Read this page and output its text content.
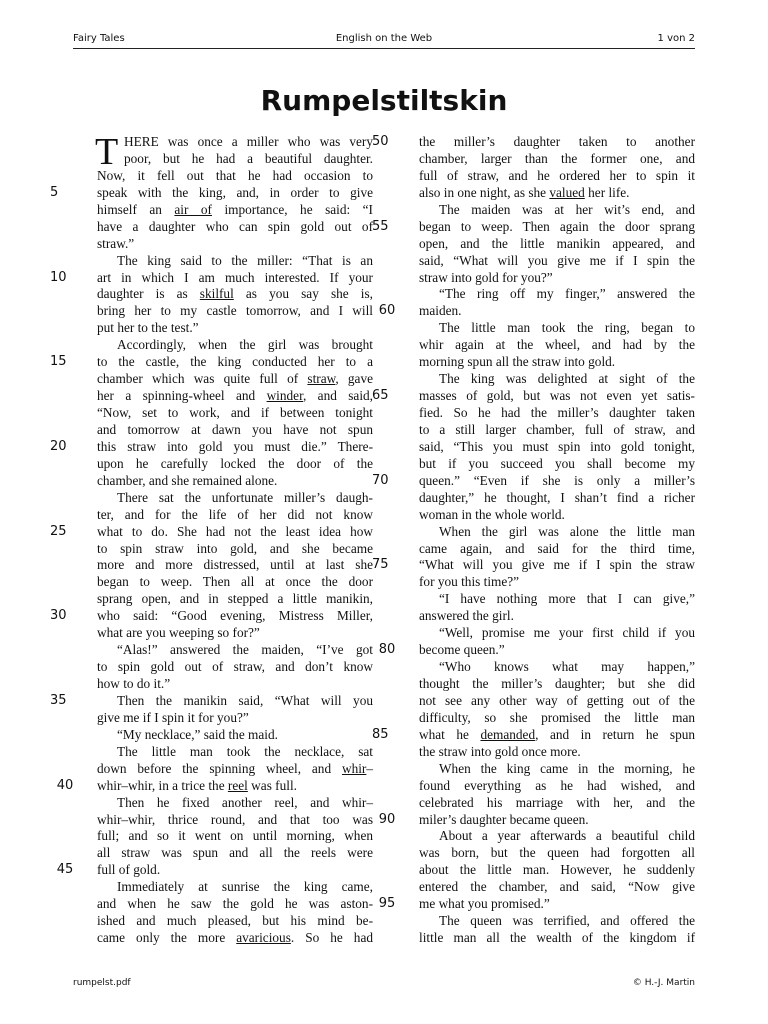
Fairy Tales	English on the Web	1 von 2
Rumpelstiltskin
T HERE was once a miller who was very
poor, but he had a beautiful daughter.
Now, it fell out that he had occasion to
5	speak with the king, and, in order to give
himself an air of importance, he said: “I
have a daughter who can spin gold out of
straw.”
The king said to the miller: “That is an
10	art in which I am much interested. If your
daughter is as skilful as you say she is,
bring her to my castle tomorrow, and I will
put her to the test.”
Accordingly, when the girl was brought
15	to the castle, the king conducted her to a
chamber which was quite full of straw, gave
her a spinning-wheel and winder, and said,
“Now, set to work, and if between tonight
and tomorrow at dawn you have not spun
20	this straw into gold you must die.” There-
upon he carefully locked the door of the
chamber, and she remained alone.
There sat the unfortunate miller’s daugh-
ter, and for the life of her did not know
25	what to do. She had not the least idea how
to spin straw into gold, and she became
more and more distressed, until at last she
began to weep. Then all at once the door
sprang open, and in stepped a little manikin,
30	who said: “Good evening, Mistress Miller,
what are you weeping so for?”
“Alas!” answered the maiden, “I’ve got
to spin gold out of straw, and don’t know
how to do it.”
35	Then the manikin said, “What will you
give me if I spin it for you?”
“My necklace,” said the maid.
The little man took the necklace, sat
down before the spinning wheel, and whir–
40	whir–whir, in a trice the reel was full.
Then he fixed another reel, and whir–
whir–whir, thrice round, and that too was
full; and so it went on until morning, when
all straw was spun and all the reels were
45	full of gold.
Immediately at sunrise the king came,
and when he saw the gold he was aston-
ished and much pleased, but his mind be-
came only the more avaricious. So he had
50	the miller’s daughter taken to another
chamber, larger than the former one, and
full of straw, and he ordered her to spin it
also in one night, as she valued her life.
The maiden was at her wit’s end, and
55	began to weep. Then again the door sprang
open, and the little manikin appeared, and
said, “What will you give me if I spin the
straw into gold for you?”
“The ring off my finger,” answered the
60	maiden.
The little man took the ring, began to
whir again at the wheel, and had by the
morning spun all the straw into gold.
The king was delighted at sight of the
65	masses of gold, but was not even yet satis-
fied. So he had the miller’s daughter taken
to a still larger chamber, full of straw, and
said, “This you must spin into gold tonight,
but if you succeed you shall become my
70	queen.” “Even if she is only a miller’s
daughter,” he thought, I shan’t find a richer
woman in the whole world.
When the girl was alone the little man
came again, and said for the third time,
75	“What will you give me if I spin the straw
for you this time?”
“I have nothing more that I can give,”
answered the girl.
“Well, promise me your first child if you
80	become queen.”
“Who knows what may happen,”
thought the miller’s daughter; but she did
not see any other way of getting out of the
difficulty, so she promised the little man
85	what he demanded, and in return he spun
the straw into gold once more.
When the king came in the morning, he
found everything as he had wished, and
celebrated his marriage with her, and the
90	miler’s daughter became queen.
About a year afterwards a beautiful child
was born, but the queen had forgotten all
about the little man. However, he suddenly
entered the chamber, and said, “Now give
95	me what you promised.”
The queen was terrified, and offered the
little man all the wealth of the kingdom if
rumpelst.pdf	© H.-J. Martin
